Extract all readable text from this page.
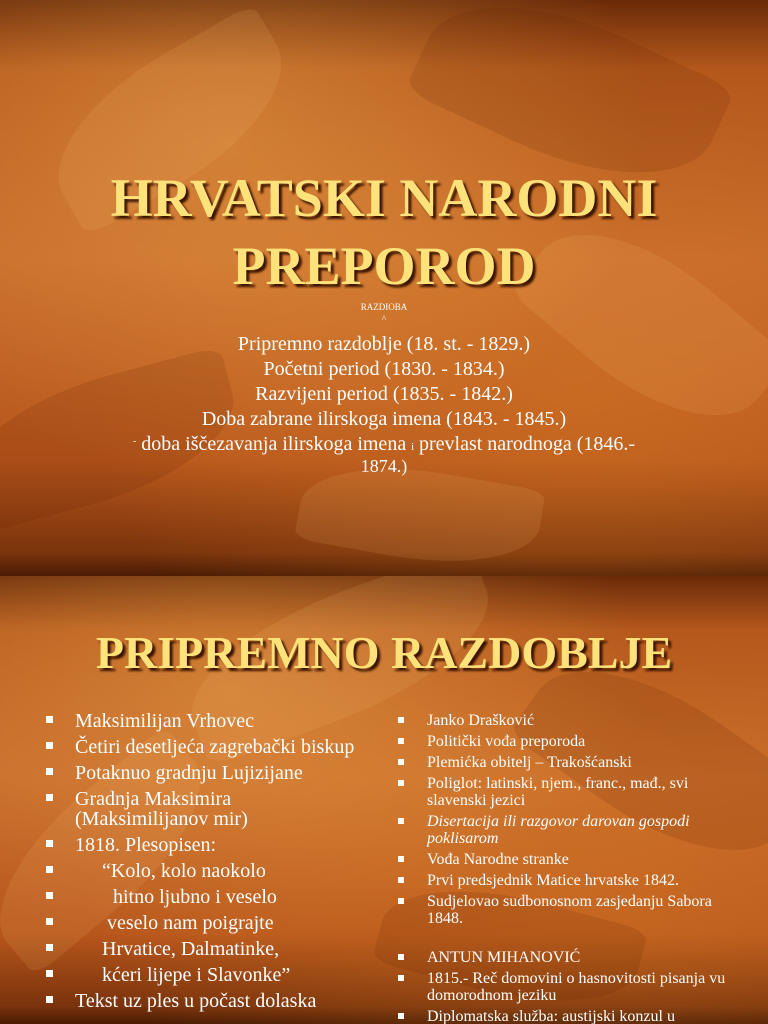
HRVATSKI NARODNI
PREPOROD
RAZDIOBA
^
Pripremno razdoblje (18. st. - 1829.)
Početni period (1830. - 1834.)
Razvijeni period (1835. - 1842.)
Doba zabrane ilirskoga imena (1843. - 1845.)
- doba iščezavanja ilirskoga imena i prevlast narodnoga (1846.-
1874.)
PRIPREMNO RAZDOBLJE
Maksimilijan Vrhovec
Četiri desetljeća zagrebački biskup
Potaknuo gradnju Lujizijane
Gradnja Maksimira (Maksimilijanov mir)
1818. Plesopisen:
“Kolo, kolo naokolo
hitno ljubno i veselo
veselo nam poigrajte
Hrvatice, Dalmatinke,
kćeri lijepe i Slavonke”
Tekst uz ples u počast dolaska
Janko Drašković
Politički vođa preporoda
Plemićka obitelj – Trakošćanski
Poliglot: latinski, njem., franc., mađ., svi slavenski jezici
Disertacija ili razgovor darovan gospodi poklisarom
Vođa Narodne stranke
Prvi predsjednik Matice hrvatske 1842.
Sudjelovao sudbonosnom zasjedanju Sabora 1848.
ANTUN MIHANOVIĆ
1815.- Reč domovini o hasnovitosti pisanja vu domorodnom jeziku
Diplomatska služba: austijski konzul u
